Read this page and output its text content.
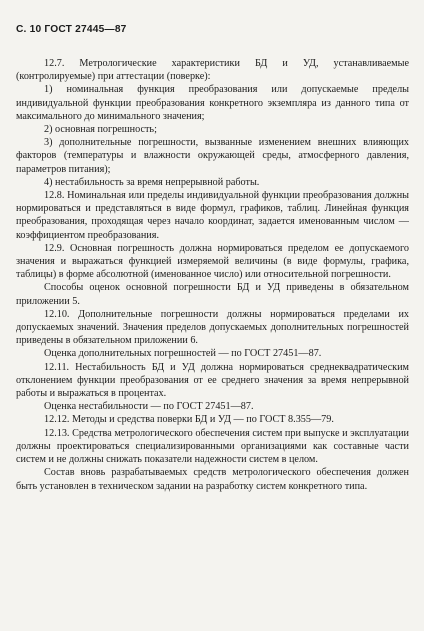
С. 10 ГОСТ 27445—87

12.7. Метрологические характеристики БД и УД, устанавливаемые (контролируемые) при аттестации (поверке):

1) номинальная функция преобразования или допускаемые пределы индивидуальной функции преобразования конкретного экземпляра из данного типа от максимального до минимального значения;

2) основная погрешность;

3) дополнительные погрешности, вызванные изменением внешних влияющих факторов (температуры и влажности окружающей среды, атмосферного давления, параметров питания);

4) нестабильность за время непрерывной работы.

12.8. Номинальная или пределы индивидуальной функции преобразования должны нормироваться и представляться в виде формул, графиков, таблиц. Линейная функция преобразования, проходящая через начало координат, задается именованным числом — коэффициентом преобразования.

12.9. Основная погрешность должна нормироваться пределом ее допускаемого значения и выражаться функцией измеряемой величины (в виде формулы, графика, таблицы) в форме абсолютной (именованное число) или относительной погрешности.

Способы оценок основной погрешности БД и УД приведены в обязательном приложении 5.

12.10. Дополнительные погрешности должны нормироваться пределами их допускаемых значений. Значения пределов допускаемых дополнительных погрешностей приведены в обязательном приложении 6.

Оценка дополнительных погрешностей — по ГОСТ 27451—87.

12.11. Нестабильность БД и УД должна нормироваться среднеквадратическим отклонением функции преобразования от ее среднего значения за время непрерывной работы и выражаться в процентах.

Оценка нестабильности — по ГОСТ 27451—87.

12.12. Методы и средства поверки БД и УД — по ГОСТ 8.355—79.

12.13. Средства метрологического обеспечения систем при выпуске и эксплуатации должны проектироваться специализированными организациями как составные части систем и не должны снижать показатели надежности систем в целом.

Состав вновь разрабатываемых средств метрологического обеспечения должен быть установлен в техническом задании на разработку систем конкретного типа.
